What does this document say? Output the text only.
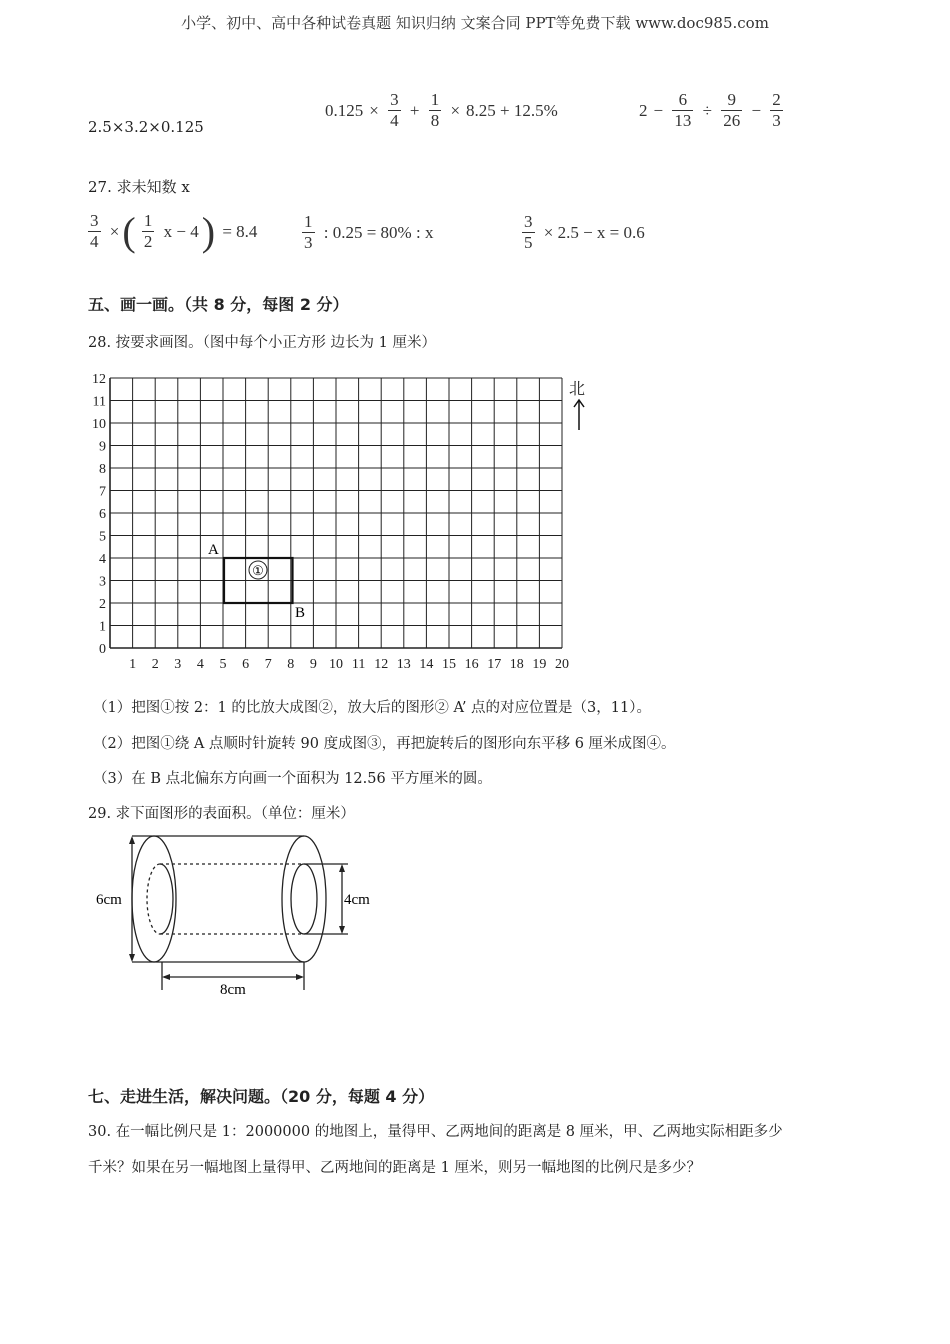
小学、初中、高中各种试卷真题 知识归纳 文案合同 PPT等免费下载 www.doc985.com
2.5×3.2×0.125
$0.125 \times \frac{3}{4} + \frac{1}{8} \times 8.25 + 12.5\%$	$2 - \frac{6}{13} \div \frac{9}{26} - \frac{2}{3}$
27. 求未知数 x
$\frac{3}{4}$ ×( $\frac{1}{2}$ x − 4) = 8.4	$\frac{1}{3}$ : 0.25 = 80% : x	$\frac{3}{5} \times 2.5 - x = 0.6$
五、画一画。（共 8 分，每图 2 分）
28. 按要求画图。（图中每个小正方形 边长为 1 厘米）
0
1
2
3
4
5
6
7
8
9
10
11
12
1 2 3 4 5 6 7 8 9 10 11 12 13 14 15 16 17 18 19 20
①
A
B
北
（1）把图①按 2：1 的比放大成图②，放大后的图形② A’ 点的对应位置是（3，11）。
（2）把图①绕 A 点顺时针旋转 90 度成图③，再把旋转后的图形向东平移 6 厘米成图④。
（3）在 B 点北偏东方向画一个面积为 12.56 平方厘米的圆。
29. 求下面图形的表面积。（单位：厘米）
6cm	4cm
8cm
七、走进生活，解决问题。（20 分，每题 4 分）
30. 在一幅比例尺是 1：2000000 的地图上，量得甲、乙两地间的距离是 8 厘米，甲、乙两地实际相距多少
千米？如果在另一幅地图上量得甲、乙两地间的距离是 1 厘米，则另一幅地图的比例尺是多少？
